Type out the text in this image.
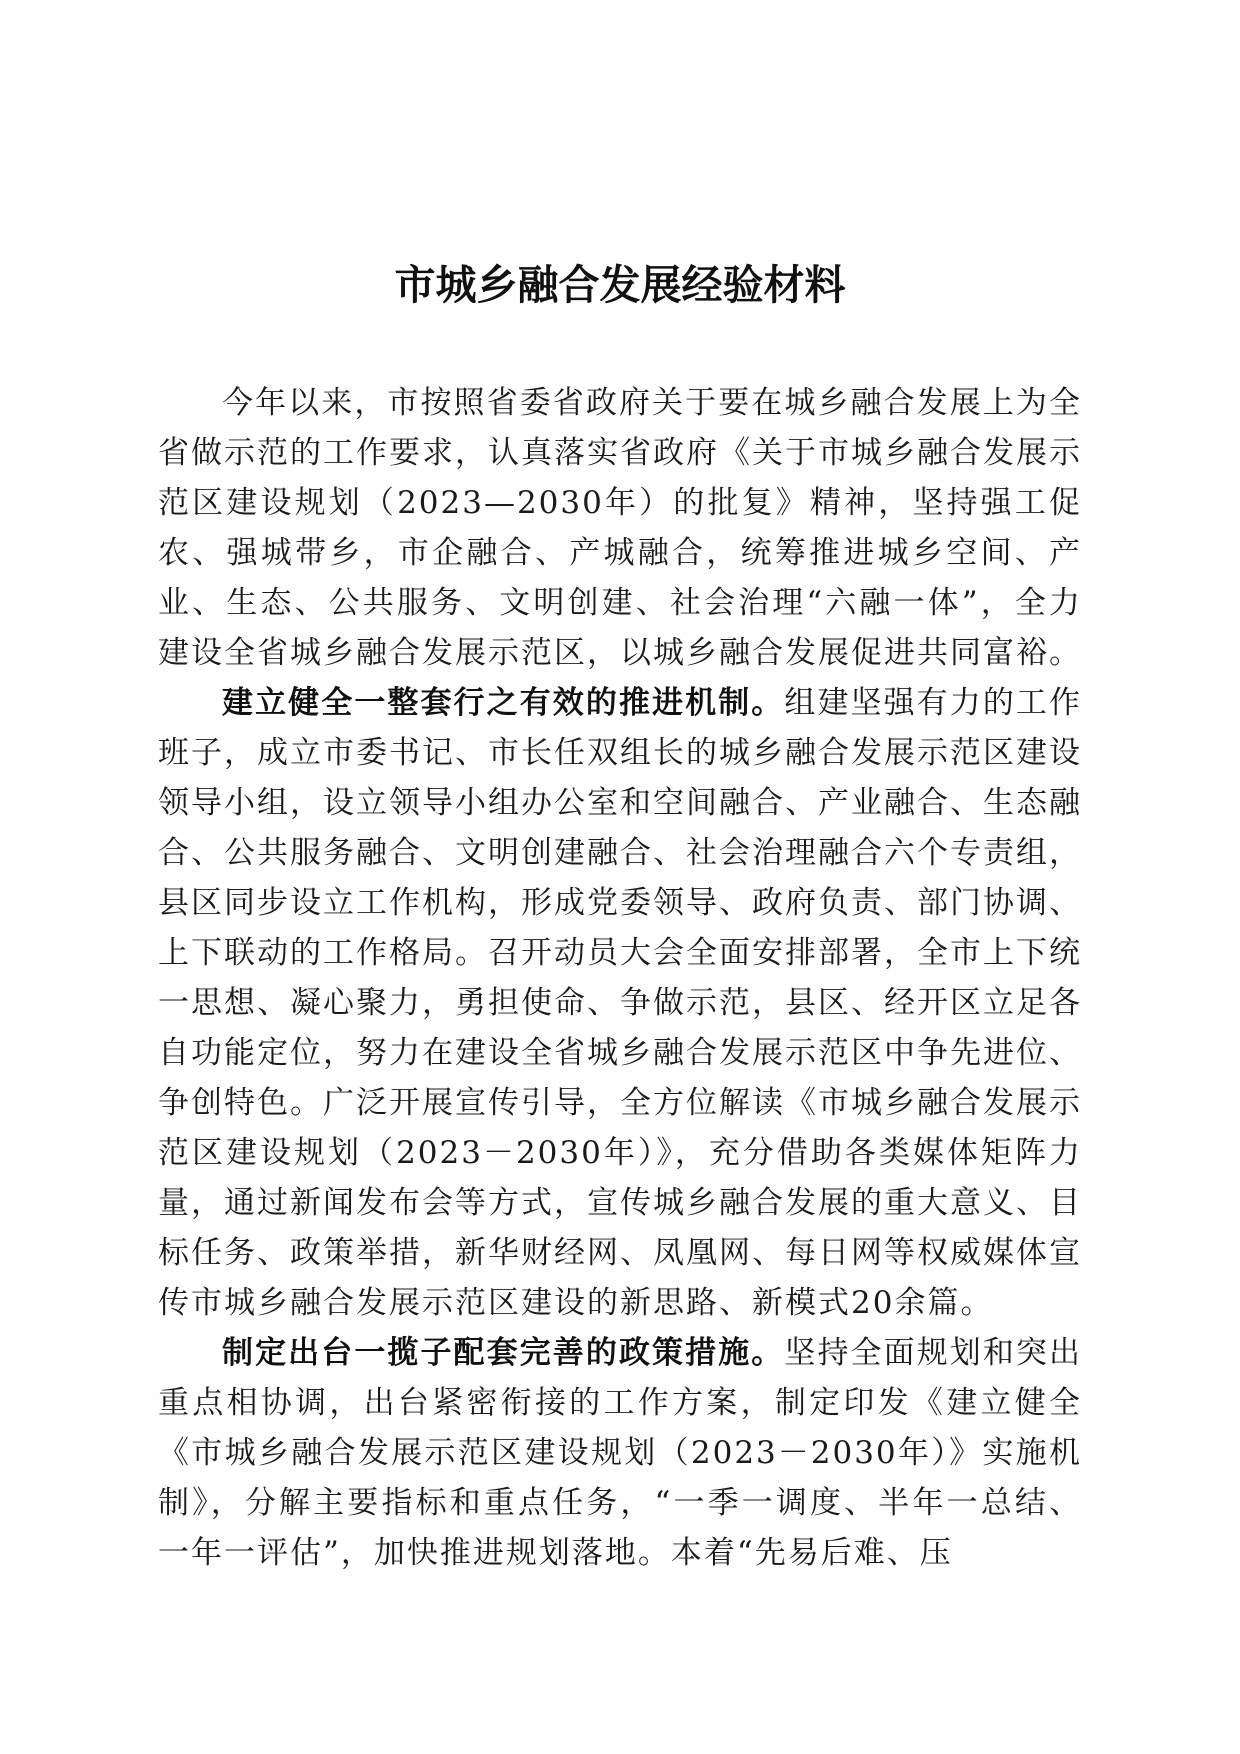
市城乡融合发展经验材料

今年以来，市按照省委省政府关于要在城乡融合发展上为全省做示范的工作要求，认真落实省政府《关于市城乡融合发展示范区建设规划（2023—2030年）的批复》精神，坚持强工促农、强城带乡，市企融合、产城融合，统筹推进城乡空间、产业、生态、公共服务、文明创建、社会治理“六融一体”，全力建设全省城乡融合发展示范区，以城乡融合发展促进共同富裕。

建立健全一整套行之有效的推进机制。组建坚强有力的工作班子，成立市委书记、市长任双组长的城乡融合发展示范区建设领导小组，设立领导小组办公室和空间融合、产业融合、生态融合、公共服务融合、文明创建融合、社会治理融合六个专责组，县区同步设立工作机构，形成党委领导、政府负责、部门协调、上下联动的工作格局。召开动员大会全面安排部署，全市上下统一思想、凝心聚力，勇担使命、争做示范，县区、经开区立足各自功能定位，努力在建设全省城乡融合发展示范区中争先进位、争创特色。广泛开展宣传引导，全方位解读《市城乡融合发展示范区建设规划（2023－2030年）》，充分借助各类媒体矩阵力量，通过新闻发布会等方式，宣传城乡融合发展的重大意义、目标任务、政策举措，新华财经网、凤凰网、每日网等权威媒体宣传市城乡融合发展示范区建设的新思路、新模式20余篇。

制定出台一揽子配套完善的政策措施。坚持全面规划和突出重点相协调，出台紧密衔接的工作方案，制定印发《建立健全《市城乡融合发展示范区建设规划（2023－2030年）》实施机制》，分解主要指标和重点任务，“一季一调度、半年一总结、一年一评估”，加快推进规划落地。本着“先易后难、压
